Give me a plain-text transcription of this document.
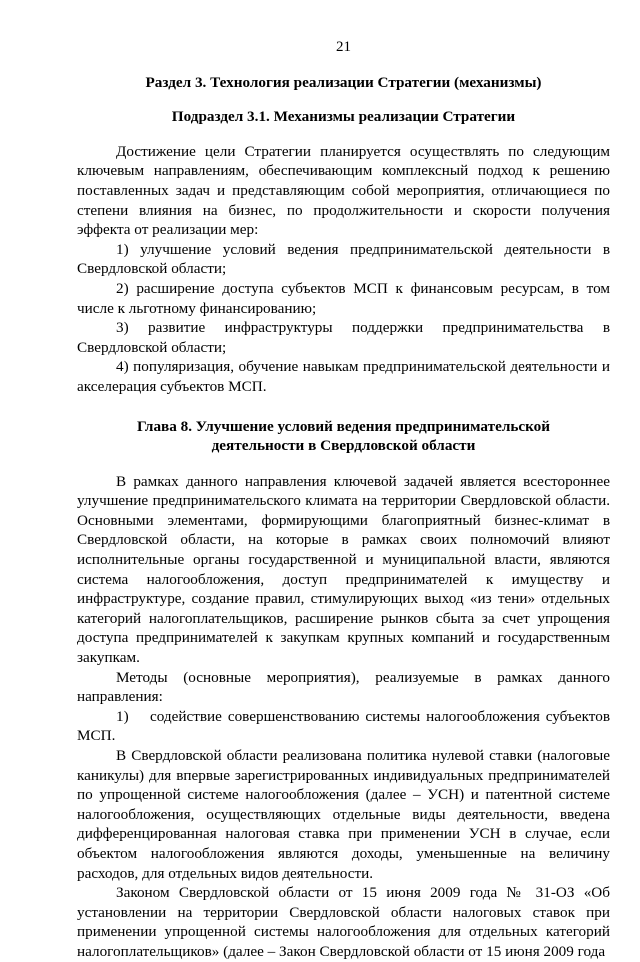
21
Раздел 3. Технология реализации Стратегии (механизмы)
Подраздел 3.1. Механизмы реализации Стратегии

Достижение цели Стратегии планируется осуществлять по следующим ключевым направлениям, обеспечивающим комплексный подход к решению поставленных задач и представляющим собой мероприятия, отличающиеся по степени влияния на бизнес, по продолжительности и скорости получения эффекта от реализации мер:

1) улучшение условий ведения предпринимательской деятельности в Свердловской области;

2) расширение доступа субъектов МСП к финансовым ресурсам, в том числе к льготному финансированию;

3) развитие инфраструктуры поддержки предпринимательства в Свердловской области;

4) популяризация, обучение навыкам предпринимательской деятельности и акселерация субъектов МСП.

Глава 8. Улучшение условий ведения предпринимательской
деятельности в Свердловской области

В рамках данного направления ключевой задачей является всестороннее улучшение предпринимательского климата на территории Свердловской области. Основными элементами, формирующими благоприятный бизнес-климат в Свердловской области, на которые в рамках своих полномочий влияют исполнительные органы государственной и муниципальной власти, являются система налогообложения, доступ предпринимателей к имуществу и инфраструктуре, создание правил, стимулирующих выход «из тени» отдельных категорий налогоплательщиков, расширение рынков сбыта за счет упрощения доступа предпринимателей к закупкам крупных компаний и государственным закупкам.

Методы (основные мероприятия), реализуемые в рамках данного направления:

1) содействие совершенствованию системы налогообложения субъектов МСП.

В Свердловской области реализована политика нулевой ставки (налоговые каникулы) для впервые зарегистрированных индивидуальных предпринимателей по упрощенной системе налогообложения (далее – УСН) и патентной системе налогообложения, осуществляющих отдельные виды деятельности, введена дифференцированная налоговая ставка при применении УСН в случае, если объектом налогообложения являются доходы, уменьшенные на величину расходов, для отдельных видов деятельности.

Законом Свердловской области от 15 июня 2009 года № 31-ОЗ «Об установлении на территории Свердловской области налоговых ставок при применении упрощенной системы налогообложения для отдельных категорий налогоплательщиков» (далее – Закон Свердловской области от 15 июня 2009 года
